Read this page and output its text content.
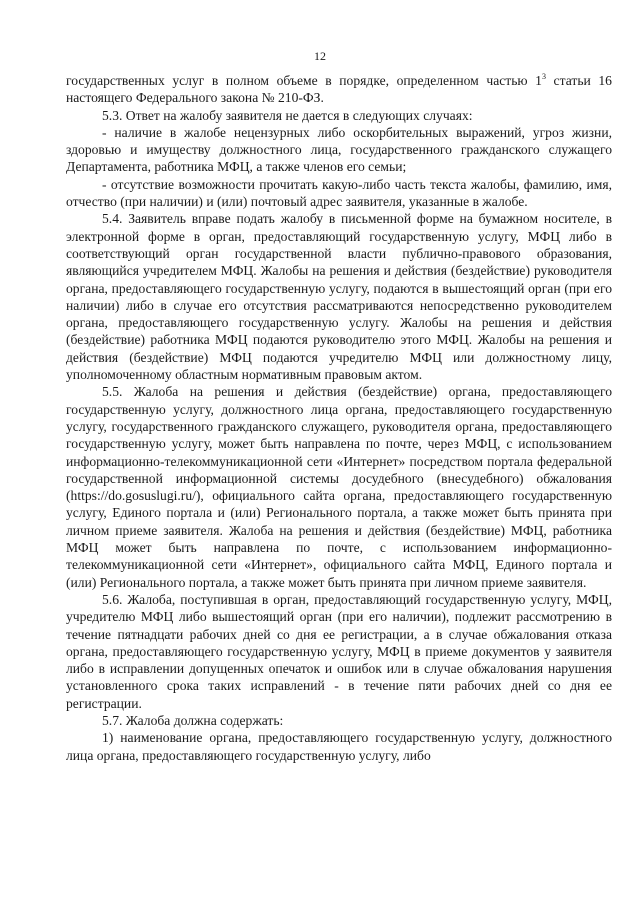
12

государственных услуг в полном объеме в порядке, определенном частью $1^3$ статьи 16 настоящего Федерального закона № 210-ФЗ.

5.3. Ответ на жалобу заявителя не дается в следующих случаях:

- наличие в жалобе нецензурных либо оскорбительных выражений, угроз жизни, здоровью и имуществу должностного лица, государственного гражданского служащего Департамента, работника МФЦ, а также членов его семьи;

- отсутствие возможности прочитать какую-либо часть текста жалобы, фамилию, имя, отчество (при наличии) и (или) почтовый адрес заявителя, указанные в жалобе.

5.4. Заявитель вправе подать жалобу в письменной форме на бумажном носителе, в электронной форме в орган, предоставляющий государственную услугу, МФЦ либо в соответствующий орган государственной власти публично-правового образования, являющийся учредителем МФЦ. Жалобы на решения и действия (бездействие) руководителя органа, предоставляющего государственную услугу, подаются в вышестоящий орган (при его наличии) либо в случае его отсутствия рассматриваются непосредственно руководителем органа, предоставляющего государственную услугу. Жалобы на решения и действия (бездействие) работника МФЦ подаются руководителю этого МФЦ. Жалобы на решения и действия (бездействие) МФЦ подаются учредителю МФЦ или должностному лицу, уполномоченному областным нормативным правовым актом.

5.5. Жалоба на решения и действия (бездействие) органа, предоставляющего государственную услугу, должностного лица органа, предоставляющего государственную услугу, государственного гражданского служащего, руководителя органа, предоставляющего государственную услугу, может быть направлена по почте, через МФЦ, с использованием информационно-телекоммуникационной сети «Интернет» посредством портала федеральной государственной информационной системы досудебного (внесудебного) обжалования (https://do.gosuslugi.ru/), официального сайта органа, предоставляющего государственную услугу, Единого портала и (или) Регионального портала, а также может быть принята при личном приеме заявителя. Жалоба на решения и действия (бездействие) МФЦ, работника МФЦ может быть направлена по почте, с использованием информационно-телекоммуникационной сети «Интернет», официального сайта МФЦ, Единого портала и (или) Регионального портала, а также может быть принята при личном приеме заявителя.

5.6. Жалоба, поступившая в орган, предоставляющий государственную услугу, МФЦ, учредителю МФЦ либо вышестоящий орган (при его наличии), подлежит рассмотрению в течение пятнадцати рабочих дней со дня ее регистрации, а в случае обжалования отказа органа, предоставляющего государственную услугу, МФЦ в приеме документов у заявителя либо в исправлении допущенных опечаток и ошибок или в случае обжалования нарушения установленного срока таких исправлений - в течение пяти рабочих дней со дня ее регистрации.

5.7. Жалоба должна содержать:

1) наименование органа, предоставляющего государственную услугу, должностного лица органа, предоставляющего государственную услугу, либо
